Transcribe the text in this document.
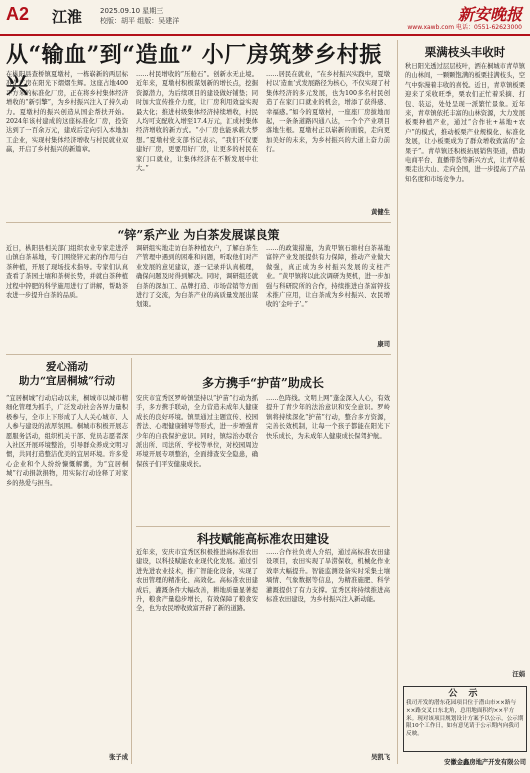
A2 江淮	2025.09.10 星期三
校版：胡平 组版：吴建洋	新安晚报
www.xawb.com 电话：0551-62623000
从“输血”到“造血” 小厂房筑梦乡村振兴
在枞阳县查桥镇夏墩村，一栋崭新的两层标准化厂房在阳光下熠熠生辉。这座占地400平方米的标准化厂房，正在将乡村集体经济增收的“新引擎”，为乡村振兴注入了持久动力。夏墩村的振兴创造从国企帮扶开始。2024年该村建成的这座标准化厂房，投资达到了一百余万元，建成后定向引入本地加工企业，实现村集体经济增收与村民就业双赢，开启了乡村振兴的新篇章。
……村民增收的“压舱石”。创新水无止境。近年来，夏墩村积极谋划新的增长点，挖掘资源潜力，为后续项目的建设做好铺垫；同时加大宣传推介力度，让厂房利用效益实现最大化；推进村级集体经济持续增收，村民人均可支配收入增至17.4万元，汇成村集体经济增收的新方式。“小厂房也能承载大梦想。”夏墩村党支部书记表示，“我们不仅要建好厂房，更要用好厂房，让更多的村民在家门口就业，让集体经济在不断发展中壮大。”
……居民在就业，“在乡村振兴实践中，夏墩村以‘造血’式发展路径为核心，不仅实现了村集体经济的多元发展，也为100多名村民创造了在家门口就业的机会，增添了获得感、幸福感。”如今的夏墩村，一座座厂房拔地而起，一条条道路四通八达，一个个产业项目落地生根。夏墩村正以崭新的面貌，走向更加美好的未来，为乡村振兴的大道上奋力前行。
黄健生
“锌”系产业 为白茶发展谋良策
近日，枞阳县相关部门组织农业专家走进浮山镇白茶基地，专门围绕锌元素的作用与白茶种植，开展了现场技术指导。专家们认真查看了茶园土壤和茶树长势，并就白茶种植过程中锌肥的科学施用进行了讲解，帮助茶农进一步提升白茶的品质。
调研组实地走访白茶种植农户，了解白茶生产管理中遇到的困难和问题，听取他们对产业发展的意见建议，逐一记录并认真梳理，确保问题及时得到解决。同时，调研组还就白茶的深加工、品牌打造、市场营销等方面进行了交流，为白茶产业的高质量发展出谋划策。
……的政策措施，为黄甲镇石塘村白茶基地富锌产业发展提供有力保障，推动产业做大做强，真正成为乡村振兴发展的支柱产业。“黄甲镇将以此次调研为契机，进一步加强与科研院所的合作，持续推进白茶富锌技术推广应用，让白茶成为乡村振兴、农民增收的‘金叶子’。”
康司
爱心涌动
助力“宜居桐城”行动
“宜居桐城”行动启动以来，桐城市以城市精细化管理为抓手，广泛发动社会各界力量积极参与，全市上下形成了人人关心城市、人人参与建设的浓厚氛围。桐城市积极开展志愿服务活动，组织机关干部、党员志愿者深入社区开展环境整治，引导群众养成文明习惯，共同打造整洁优美的宜居环境。许多爱心企业和个人纷纷慷慨解囊，为“宜居桐城”行动捐款捐物，用实际行动诠释了对家乡的热爱与担当。
张子成
多方携手“护苗”助成长
安庆市宜秀区罗岭镇坚持以“护苗”行动为抓手，多方携手联动，全力营造未成年人健康成长的良好环境。镇里通过主题宣传、校园普法、心理健康辅导等形式，进一步增强青少年的自我保护意识。同时，镇综治办联合派出所、司法所、学校等单位，对校园周边环境开展专项整治，全面排查安全隐患，确保孩子们平安健康成长。
……色阵线。文明上网“蓬金深入人心，有效提升了青少年的法治意识和安全意识。罗岭镇将持续深化“护苗”行动，整合多方资源，完善长效机制，让每一个孩子都能在阳光下快乐成长，为未成年人健康成长保驾护航。
科技赋能高标准农田建设
近年来，安庆市宜秀区积极推进高标准农田建设，以科技赋能农业现代化发展。通过引进先进农业技术，推广智能化设备，实现了农田管理的精准化、高效化。高标准农田建成后，灌溉条件大幅改善，耕地质量显著提升，粮食产量稳步增长，有效保障了粮食安全，也为农民增收致富开辟了新的道路。
……合作社负责人介绍，通过高标准农田建设项目，农田实现了旱涝保收，机械化作业效率大幅提升。智能监测设备实时采集土壤墒情、气象数据等信息，为精准施肥、科学灌溉提供了有力支撑。宜秀区将持续推进高标准农田建设，为乡村振兴注入新动能。
吴凯飞
栗满枝头丰收时
秋日阳光透过层层枝叶，洒在桐城市青草镇的山林间，一颗颗饱满的板栗挂满枝头，空气中弥漫着丰收的喜悦。近日，青草镇板栗迎来了采收旺季，栗农们正忙着采摘、打包、装运，处处呈现一派繁忙景象。近年来，青草镇依托丰富的山林资源，大力发展板栗种植产业，通过“合作社+基地+农户”的模式，推动板栗产业规模化、标准化发展，让小板栗成为了群众增收致富的“金果子”。青草镇还积极拓展销售渠道，借助电商平台、直播带货等新兴方式，让青草板栗走出大山、走向全国，进一步提高了产品知名度和市场竞争力。
汪娟
公 示
我司开发的潜东花园项目位于潜山市××路与××路交叉口东北角，总用地面积约××平方米。现对该项目规划设计方案予以公示，公示期限10个工作日，如有意见请于公示期内向我司反映。
安徽金鑫房地产开发有限公司
